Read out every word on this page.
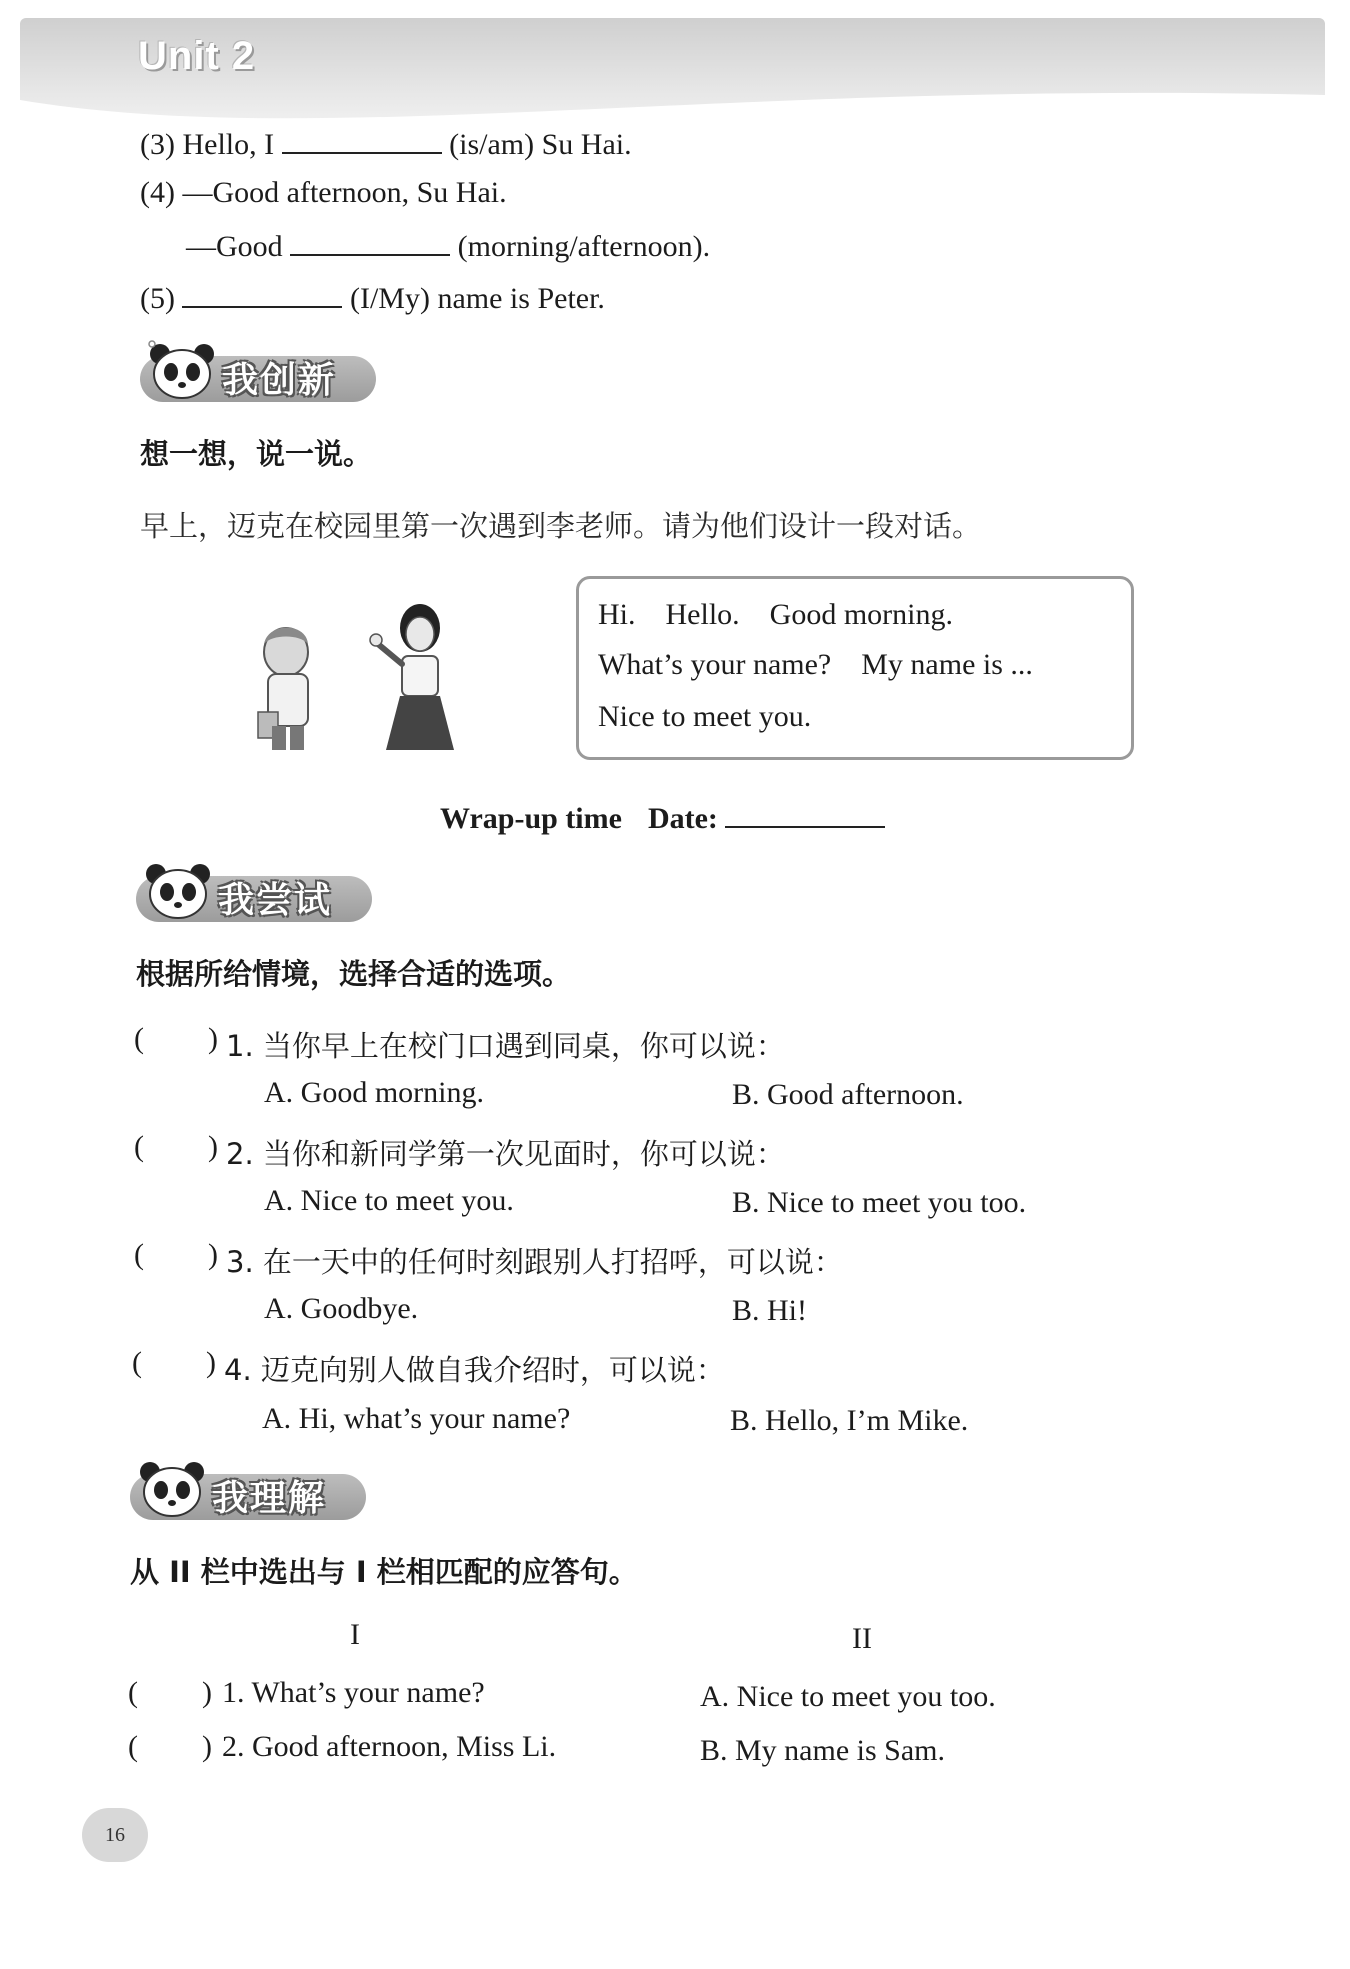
Unit 2
(3) Hello, I	(is/am) Su Hai.
(4) —Good afternoon, Su Hai.
—Good	(morning/afternoon).
(5)	(I/My) name is Peter.
我创新
想一想，说一说。
早上，迈克在校园里第一次遇到李老师。请为他们设计一段对话。
Hi. Hello. Good morning.
What’s your name? My name is ...
Nice to meet you.
Wrap-up time Date:
我尝试
根据所给情境，选择合适的选项。
( ) 1. 当你早上在校门口遇到同桌，你可以说：
A. Good morning.	B. Good afternoon.
( ) 2. 当你和新同学第一次见面时，你可以说：
A. Nice to meet you.	B. Nice to meet you too.
( ) 3. 在一天中的任何时刻跟别人打招呼，可以说：
A. Goodbye.	B. Hi!
( ) 4. 迈克向别人做自我介绍时，可以说：
A. Hi, what’s your name?	B. Hello, I’m Mike.
我理解
从 II 栏中选出与 I 栏相匹配的应答句。
I	II
( ) 1. What’s your name?	A. Nice to meet you too.
( ) 2. Good afternoon, Miss Li.	B. My name is Sam.
16
